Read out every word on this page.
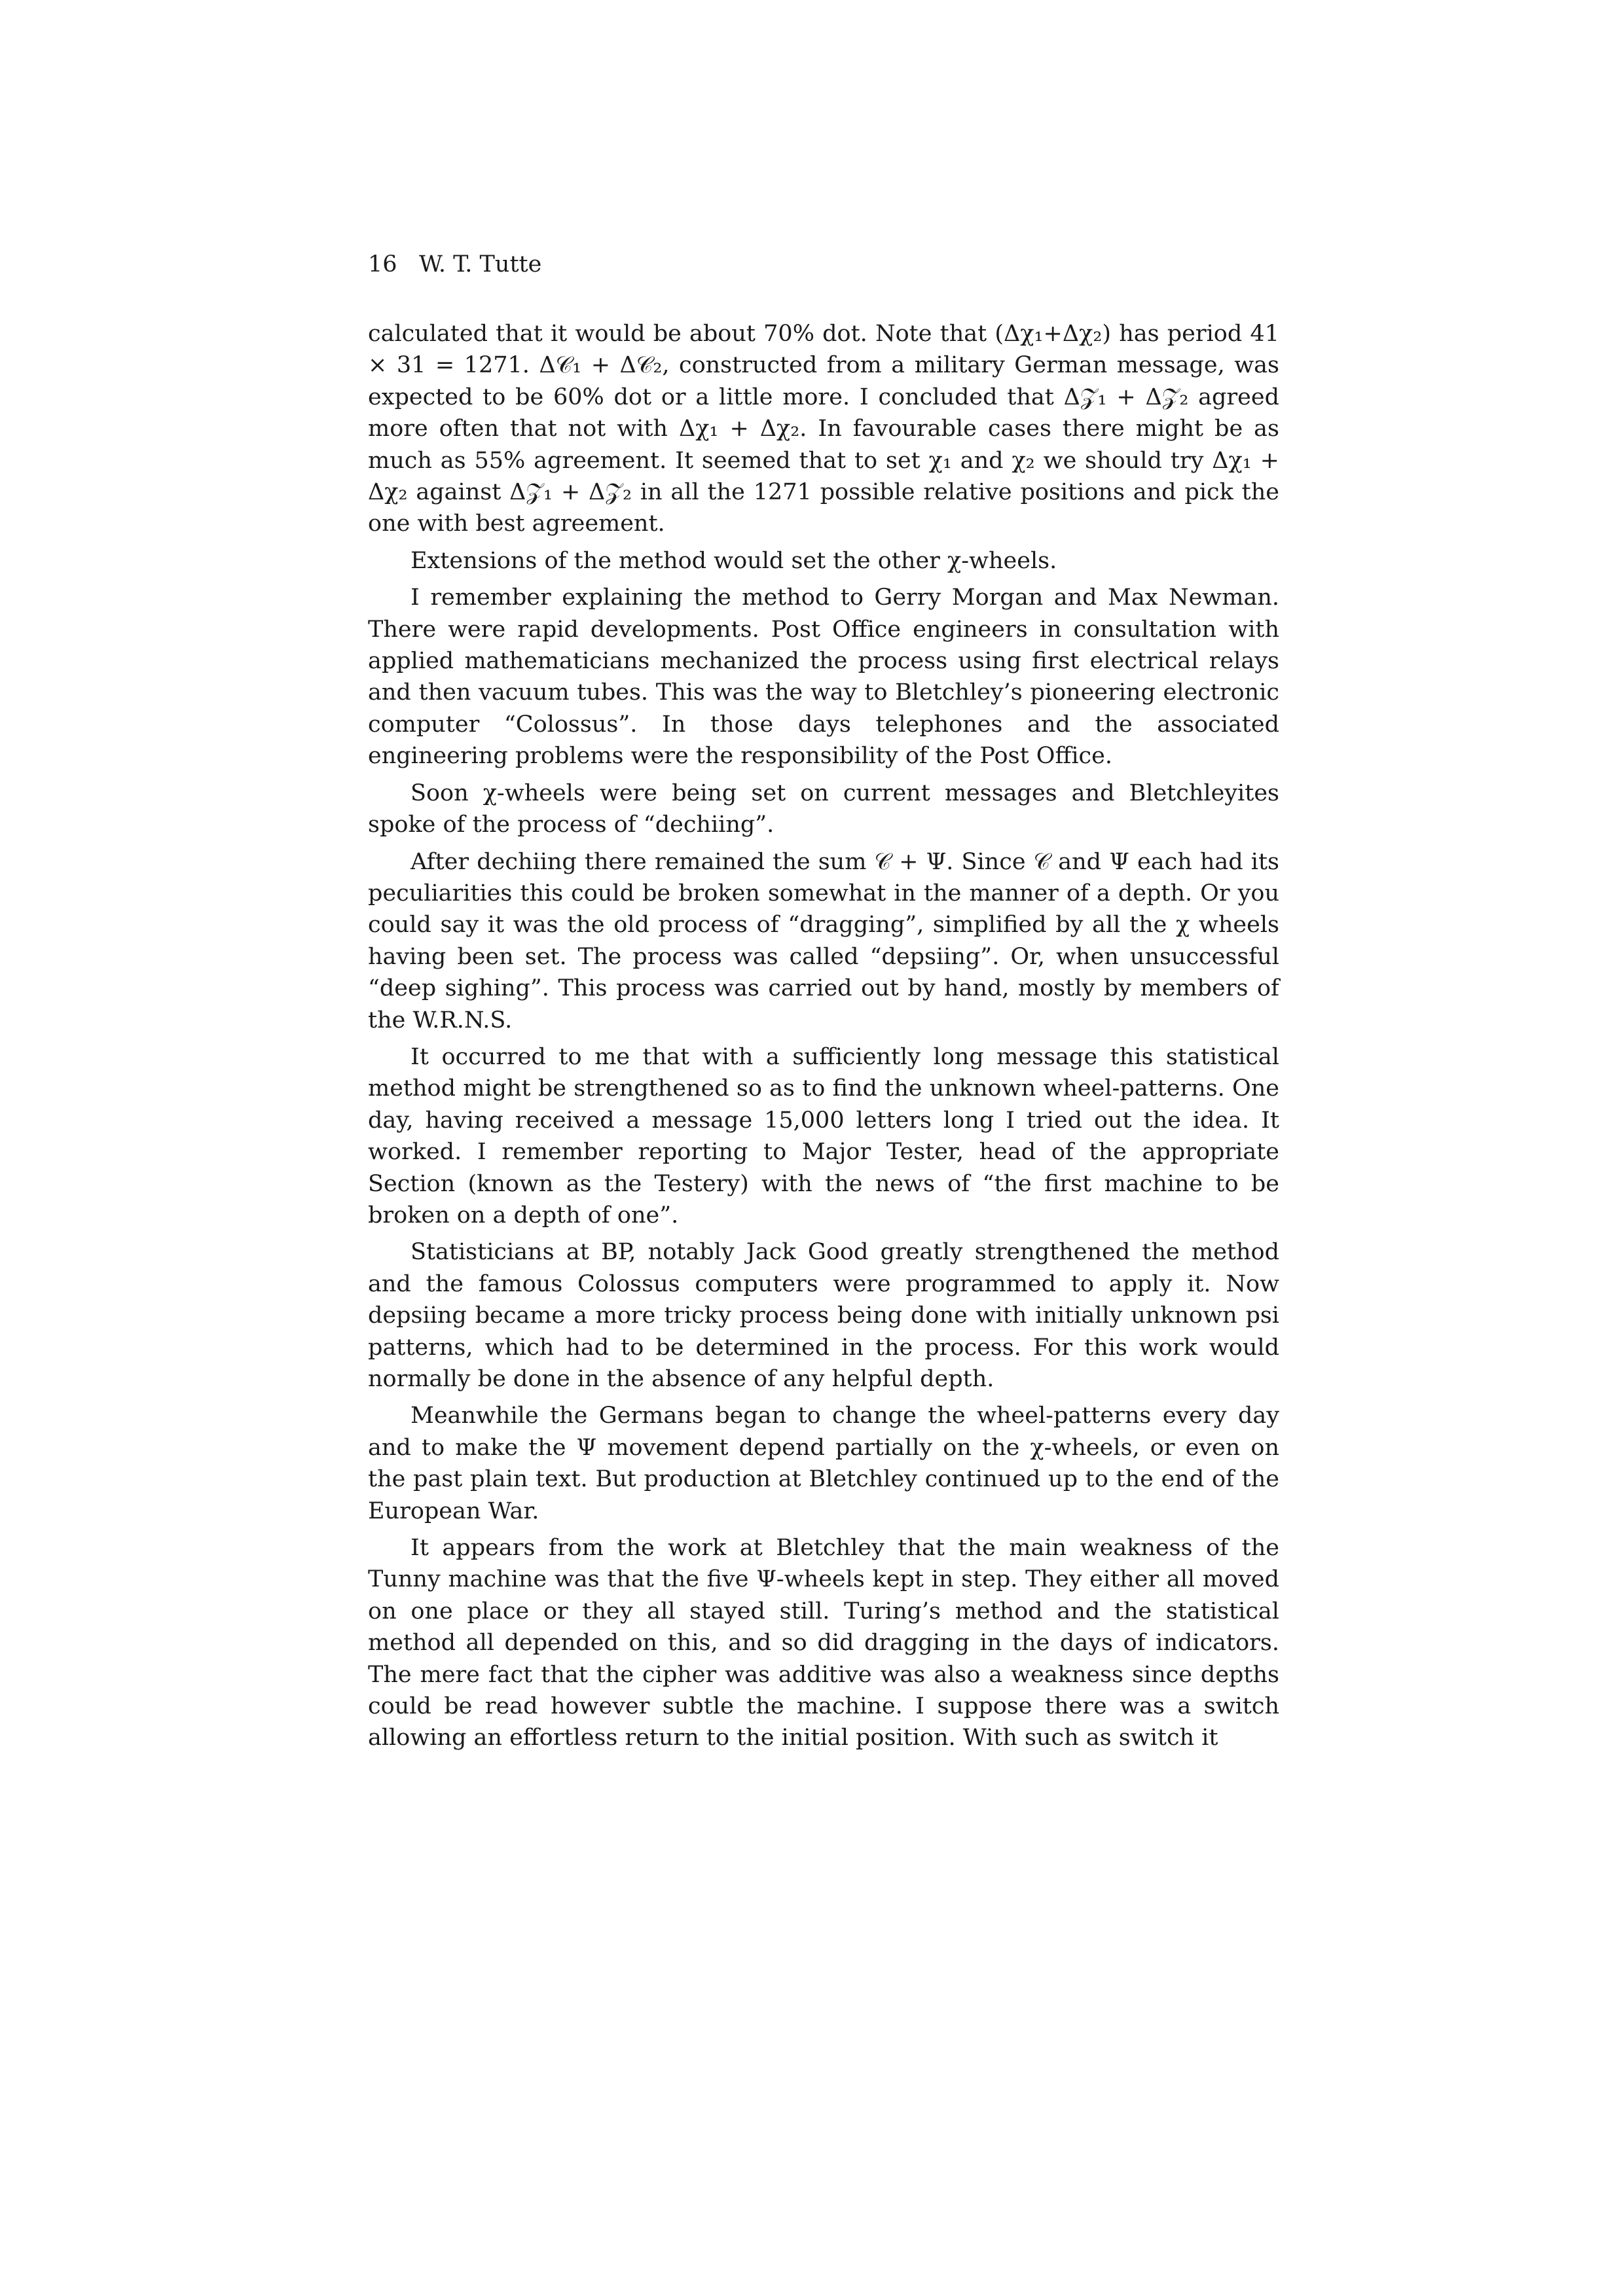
16 W. T. Tutte

calculated that it would be about 70% dot. Note that (Δχ₁+Δχ₂) has period 41 × 31 = 1271. Δ𝒞₁ + Δ𝒞₂, constructed from a military German message, was expected to be 60% dot or a little more. I concluded that Δ𝒵₁ + Δ𝒵₂ agreed more often that not with Δχ₁ + Δχ₂. In favourable cases there might be as much as 55% agreement. It seemed that to set χ₁ and χ₂ we should try Δχ₁ + Δχ₂ against Δ𝒵₁ + Δ𝒵₂ in all the 1271 possible relative positions and pick the one with best agreement.

Extensions of the method would set the other χ-wheels.

I remember explaining the method to Gerry Morgan and Max Newman. There were rapid developments. Post Office engineers in consultation with applied mathematicians mechanized the process using first electrical relays and then vacuum tubes. This was the way to Bletchley’s pioneering electronic computer “Colossus”. In those days telephones and the associated engineering problems were the responsibility of the Post Office.

Soon χ-wheels were being set on current messages and Bletchleyites spoke of the process of “dechiing”.

After dechiing there remained the sum 𝒞 + Ψ. Since 𝒞 and Ψ each had its peculiarities this could be broken somewhat in the manner of a depth. Or you could say it was the old process of “dragging”, simplified by all the χ wheels having been set. The process was called “depsiing”. Or, when unsuccessful “deep sighing”. This process was carried out by hand, mostly by members of the W.R.N.S.

It occurred to me that with a sufficiently long message this statistical method might be strengthened so as to find the unknown wheel-patterns. One day, having received a message 15,000 letters long I tried out the idea. It worked. I remember reporting to Major Tester, head of the appropriate Section (known as the Testery) with the news of “the first machine to be broken on a depth of one”.

Statisticians at BP, notably Jack Good greatly strengthened the method and the famous Colossus computers were programmed to apply it. Now depsiing became a more tricky process being done with initially unknown psi patterns, which had to be determined in the process. For this work would normally be done in the absence of any helpful depth.

Meanwhile the Germans began to change the wheel-patterns every day and to make the Ψ movement depend partially on the χ-wheels, or even on the past plain text. But production at Bletchley continued up to the end of the European War.

It appears from the work at Bletchley that the main weakness of the Tunny machine was that the five Ψ-wheels kept in step. They either all moved on one place or they all stayed still. Turing’s method and the statistical method all depended on this, and so did dragging in the days of indicators. The mere fact that the cipher was additive was also a weakness since depths could be read however subtle the machine. I suppose there was a switch allowing an effortless return to the initial position. With such as switch it
